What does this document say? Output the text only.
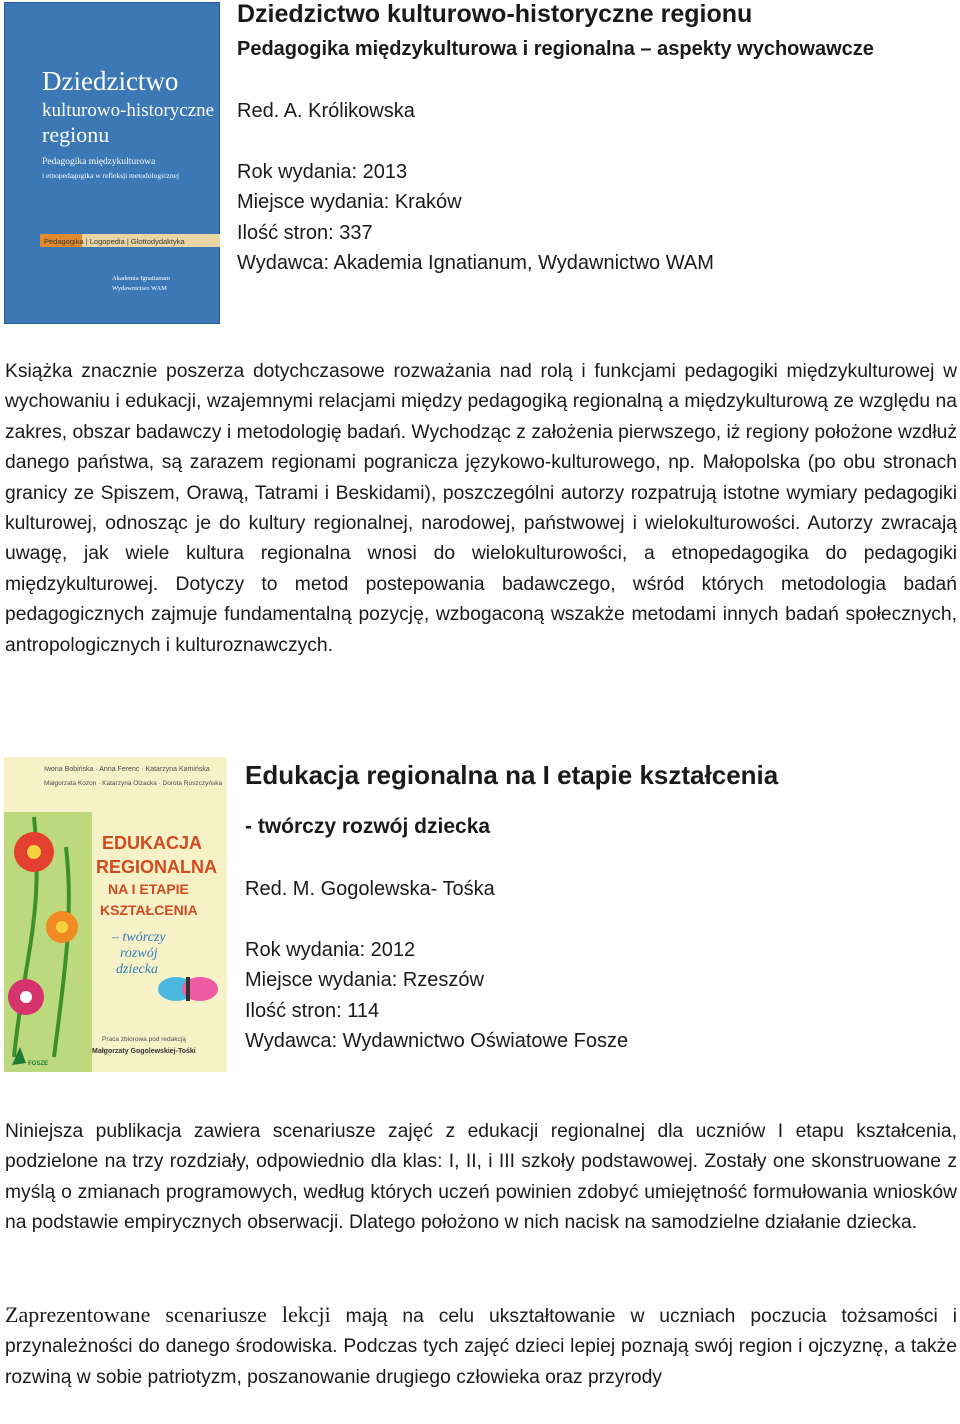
Dziedzictwo
kulturowo-historyczne
regionu
Pedagogika międzykulturowa
i etnopedagogika w refleksji metodologicznej
Pedagogika | Logopedia | Glottodydaktyka
Akademia Ignatianum
Wydawnictwo WAM
Dziedzictwo kulturowo-historyczne regionu
Pedagogika międzykulturowa i regionalna – aspekty wychowawcze
Red. A. Królikowska
Rok wydania: 2013
Miejsce wydania: Kraków
Ilość stron: 337
Wydawca: Akademia Ignatianum, Wydawnictwo WAM

Książka znacznie poszerza dotychczasowe rozważania nad rolą i funkcjami pedagogiki międzykulturowej w wychowaniu i edukacji, wzajemnymi relacjami między pedagogiką regionalną a międzykulturową ze względu na zakres, obszar badawczy i metodologię badań. Wychodząc z założenia pierwszego, iż regiony położone wzdłuż danego państwa, są zarazem regionami pogranicza językowo-kulturowego, np. Małopolska (po obu stronach granicy ze Spiszem, Orawą, Tatrami i Beskidami), poszczególni autorzy rozpatrują istotne wymiary pedagogiki kulturowej, odnosząc je do kultury regionalnej, narodowej, państwowej i wielokulturowości. Autorzy zwracają uwagę, jak wiele kultura regionalna wnosi do wielokulturowości, a etnopedagogika do pedagogiki międzykulturowej. Dotyczy to metod postepowania badawczego, wśród których metodologia badań pedagogicznych zajmuje fundamentalną pozycję, wzbogaconą wszakże metodami innych badań społecznych, antropologicznych i kulturoznawczych.

Iwona Bobińska · Anna Ferenc · Katarzyna Kamińska
Małgorzata Kozon · Katarzyna Olzacka · Dorota Ruszczyńska
EDUKACJA
REGIONALNA
NA I ETAPIE
KSZTAŁCENIA
– twórczy
rozwój
dziecka
Praca zbiorowa pod redakcją
Małgorzaty Gogolewskiej-Tośki
FOSZE
Edukacja regionalna na I etapie kształcenia
- twórczy rozwój dziecka
Red. M. Gogolewska- Tośka
Rok wydania: 2012
Miejsce wydania: Rzeszów
Ilość stron: 114
Wydawca: Wydawnictwo Oświatowe Fosze

Niniejsza publikacja zawiera scenariusze zajęć z edukacji regionalnej dla uczniów I etapu kształcenia, podzielone na trzy rozdziały, odpowiednio dla klas: I, II, i III szkoły podstawowej. Zostały one skonstruowane z myślą o zmianach programowych, według których uczeń powinien zdobyć umiejętność formułowania wniosków na podstawie empirycznych obserwacji. Dlatego położono w nich nacisk na samodzielne działanie dziecka.

Zaprezentowane scenariusze lekcji mają na celu ukształtowanie w uczniach poczucia tożsamości i przynależności do danego środowiska. Podczas tych zajęć dzieci lepiej poznają swój region i ojczyznę, a także rozwiną w sobie patriotyzm, poszanowanie drugiego człowieka oraz przyrody
